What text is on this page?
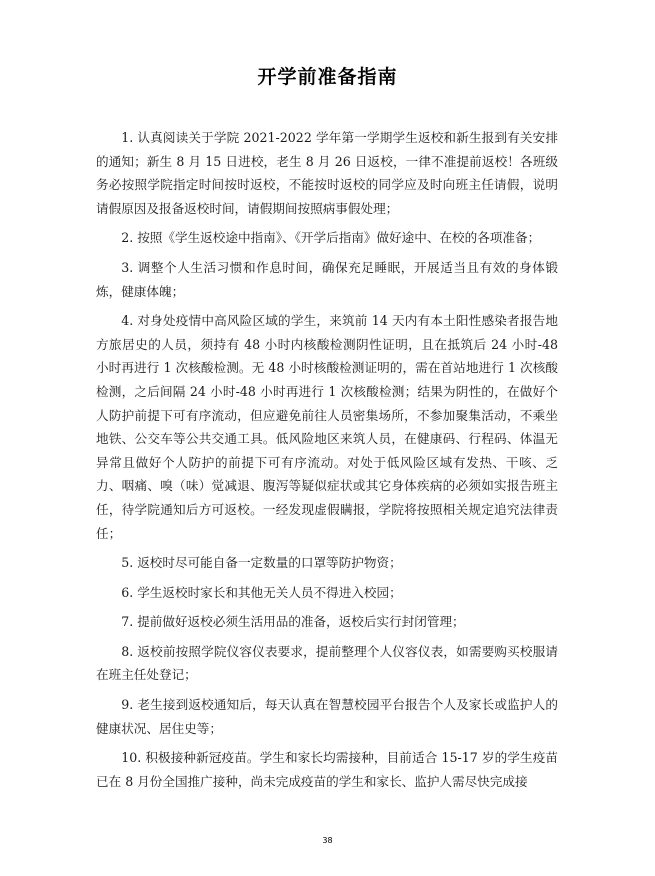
开学前准备指南

1. 认真阅读关于学院 2021-2022 学年第一学期学生返校和新生报到有关安排的通知；新生 8 月 15 日进校，老生 8 月 26 日返校，一律不准提前返校！各班级务必按照学院指定时间按时返校，不能按时返校的同学应及时向班主任请假，说明请假原因及报备返校时间，请假期间按照病事假处理；

2. 按照《学生返校途中指南》、《开学后指南》做好途中、在校的各项准备；

3. 调整个人生活习惯和作息时间，确保充足睡眠，开展适当且有效的身体锻炼，健康体魄；

4. 对身处疫情中高风险区域的学生，来筑前 14 天内有本土阳性感染者报告地方旅居史的人员，须持有 48 小时内核酸检测阴性证明，且在抵筑后 24 小时-48 小时再进行 1 次核酸检测。无 48 小时核酸检测证明的，需在首站地进行 1 次核酸检测，之后间隔 24 小时-48 小时再进行 1 次核酸检测；结果为阴性的，在做好个人防护前提下可有序流动，但应避免前往人员密集场所，不参加聚集活动，不乘坐地铁、公交车等公共交通工具。低风险地区来筑人员，在健康码、行程码、体温无异常且做好个人防护的前提下可有序流动。对处于低风险区域有发热、干咳、乏力、咽痛、嗅（味）觉减退、腹泻等疑似症状或其它身体疾病的必须如实报告班主任，待学院通知后方可返校。一经发现虚假瞒报，学院将按照相关规定追究法律责任；

5. 返校时尽可能自备一定数量的口罩等防护物资；

6. 学生返校时家长和其他无关人员不得进入校园；

7. 提前做好返校必须生活用品的准备，返校后实行封闭管理；

8. 返校前按照学院仪容仪表要求，提前整理个人仪容仪表，如需要购买校服请在班主任处登记；

9. 老生接到返校通知后，每天认真在智慧校园平台报告个人及家长或监护人的健康状况、居住史等；

10. 积极接种新冠疫苗。学生和家长均需接种，目前适合 15-17 岁的学生疫苗已在 8 月份全国推广接种，尚未完成疫苗的学生和家长、监护人需尽快完成接

38
